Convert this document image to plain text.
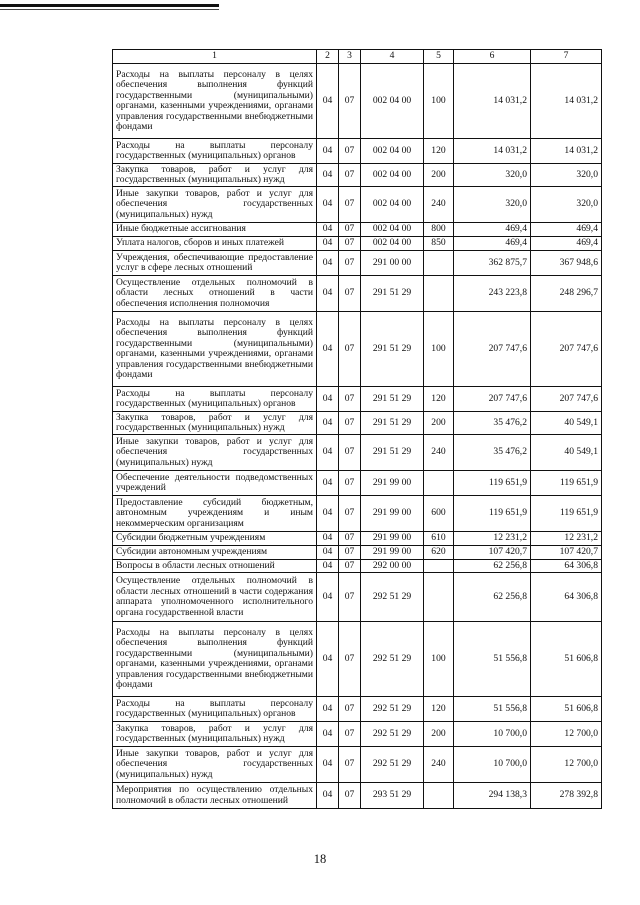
1	2	3	4	5	6	7
Расходы на выплаты персоналу в целях обеспечения выполнения функций государственными (муниципальными) органами, казенными учреждениями, органами управления государственными внебюджетными фондами	04	07	002 04 00	100	14 031,2	14 031,2
Расходы на выплаты персоналу государственных (муниципальных) органов	04	07	002 04 00	120	14 031,2	14 031,2
Закупка товаров, работ и услуг для государственных (муниципальных) нужд	04	07	002 04 00	200	320,0	320,0
Иные закупки товаров, работ и услуг для обеспечения государственных (муниципальных) нужд	04	07	002 04 00	240	320,0	320,0
Иные бюджетные ассигнования	04	07	002 04 00	800	469,4	469,4
Уплата налогов, сборов и иных платежей	04	07	002 04 00	850	469,4	469,4
Учреждения, обеспечивающие предоставление услуг в сфере лесных отношений	04	07	291 00 00		362 875,7	367 948,6
Осуществление отдельных полномочий в области лесных отношений в части обеспечения исполнения полномочия	04	07	291 51 29		243 223,8	248 296,7
Расходы на выплаты персоналу в целях обеспечения выполнения функций государственными (муниципальными) органами, казенными учреждениями, органами управления государственными внебюджетными фондами	04	07	291 51 29	100	207 747,6	207 747,6
Расходы на выплаты персоналу государственных (муниципальных) органов	04	07	291 51 29	120	207 747,6	207 747,6
Закупка товаров, работ и услуг для государственных (муниципальных) нужд	04	07	291 51 29	200	35 476,2	40 549,1
Иные закупки товаров, работ и услуг для обеспечения государственных (муниципальных) нужд	04	07	291 51 29	240	35 476,2	40 549,1
Обеспечение деятельности подведомственных учреждений	04	07	291 99 00		119 651,9	119 651,9
Предоставление субсидий бюджетным, автономным учреждениям и иным некоммерческим организациям	04	07	291 99 00	600	119 651,9	119 651,9
Субсидии бюджетным учреждениям	04	07	291 99 00	610	12 231,2	12 231,2
Субсидии автономным учреждениям	04	07	291 99 00	620	107 420,7	107 420,7
Вопросы в области лесных отношений	04	07	292 00 00		62 256,8	64 306,8
Осуществление отдельных полномочий в области лесных отношений в части содержания аппарата уполномоченного исполнительного органа государственной власти	04	07	292 51 29		62 256,8	64 306,8
Расходы на выплаты персоналу в целях обеспечения выполнения функций государственными (муниципальными) органами, казенными учреждениями, органами управления государственными внебюджетными фондами	04	07	292 51 29	100	51 556,8	51 606,8
Расходы на выплаты персоналу государственных (муниципальных) органов	04	07	292 51 29	120	51 556,8	51 606,8
Закупка товаров, работ и услуг для государственных (муниципальных) нужд	04	07	292 51 29	200	10 700,0	12 700,0
Иные закупки товаров, работ и услуг для обеспечения государственных (муниципальных) нужд	04	07	292 51 29	240	10 700,0	12 700,0
Мероприятия по осуществлению отдельных полномочий в области лесных отношений	04	07	293 51 29		294 138,3	278 392,8
18
